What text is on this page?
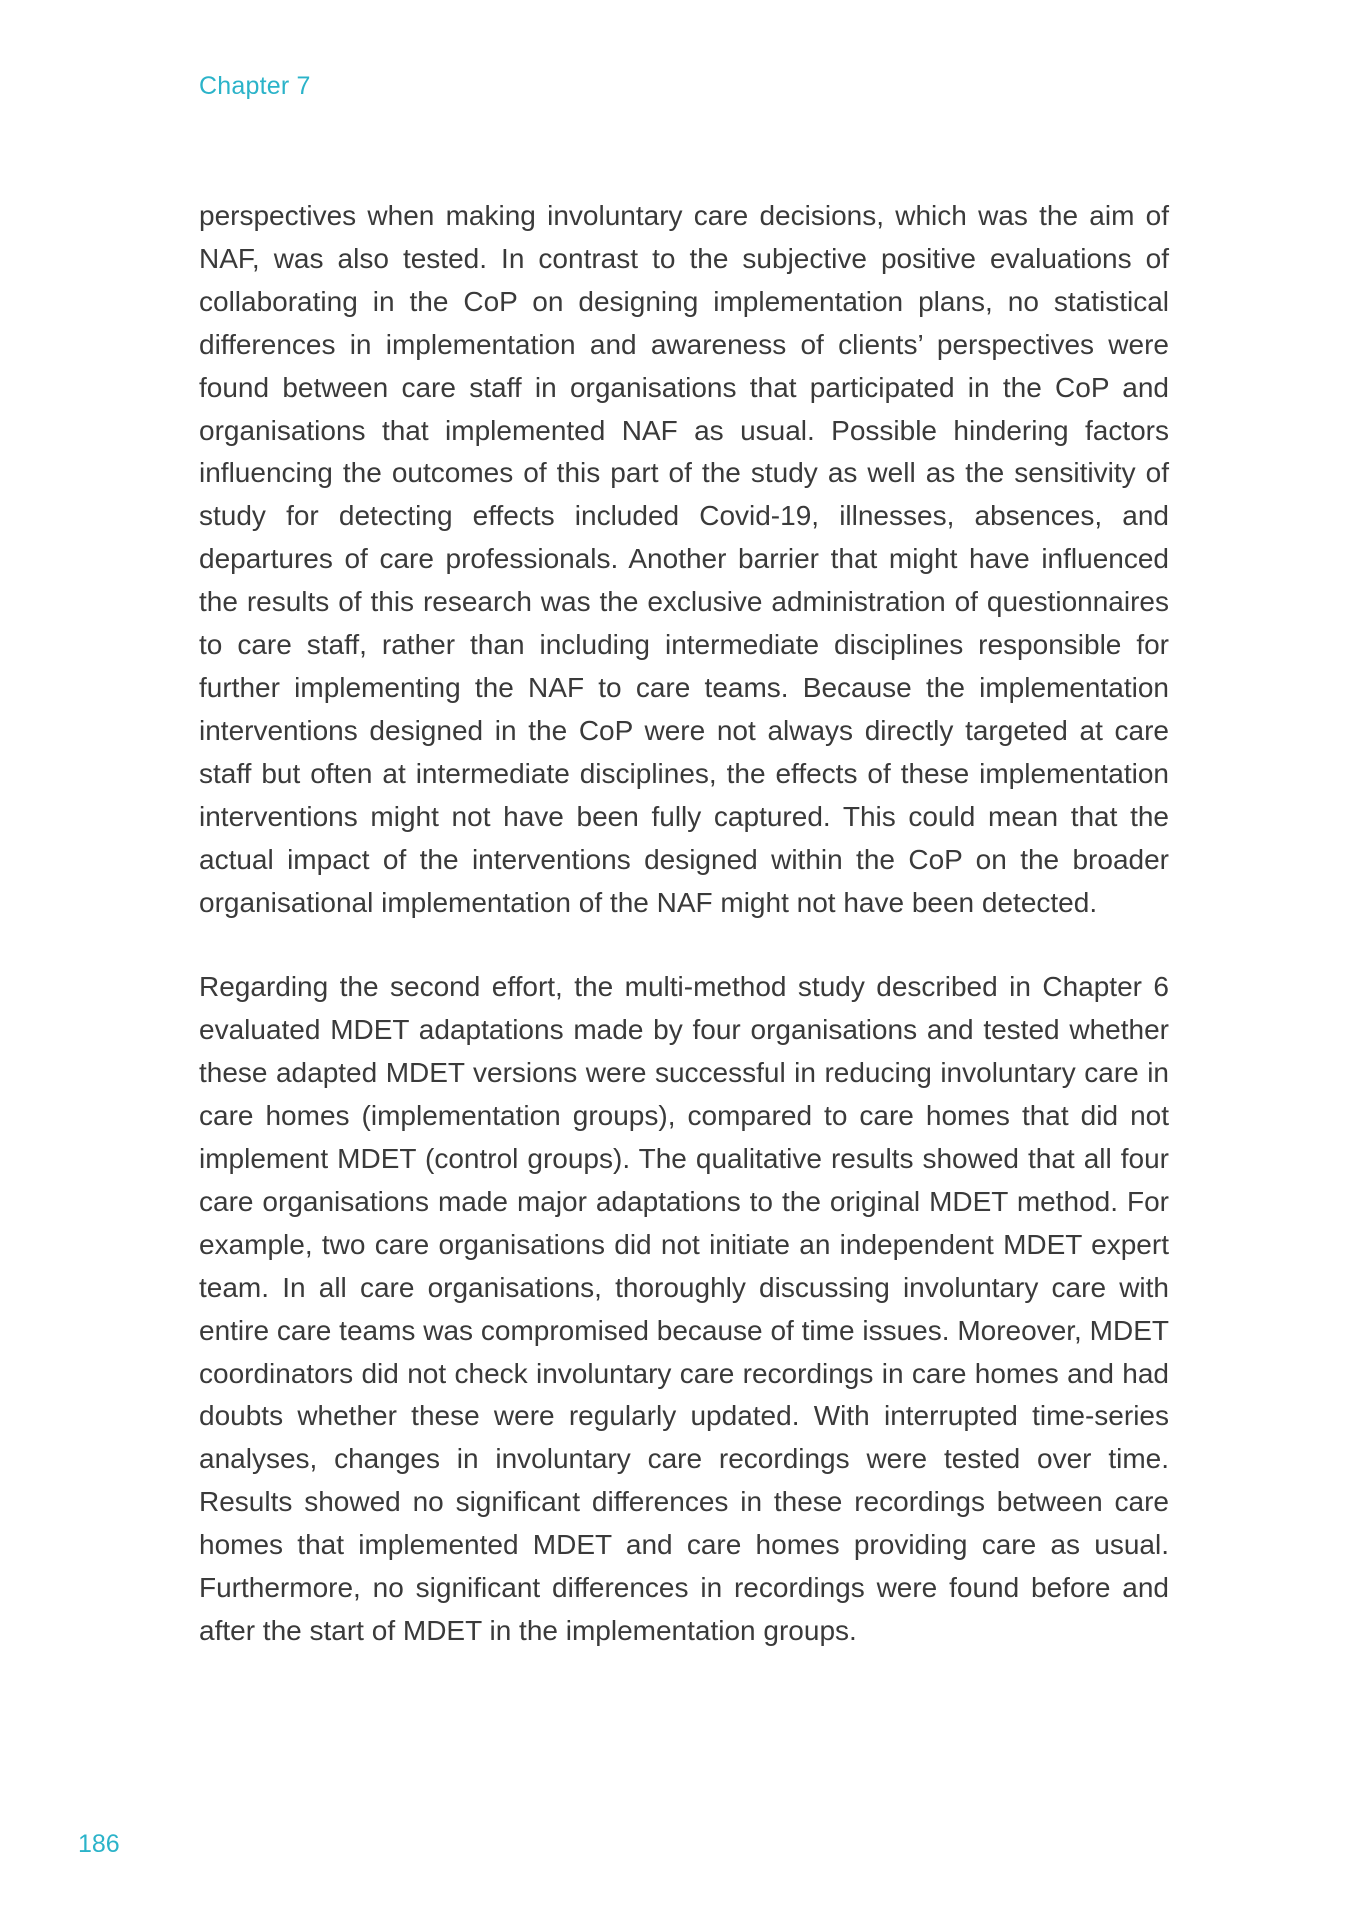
Chapter 7

perspectives when making involuntary care decisions, which was the aim of NAF, was also tested. In contrast to the subjective positive evaluations of collaborating in the CoP on designing implementation plans, no statistical differences in implementation and awareness of clients’ perspectives were found between care staff in organisations that participated in the CoP and organisations that implemented NAF as usual. Possible hindering factors influencing the outcomes of this part of the study as well as the sensitivity of study for detecting effects included Covid-19, illnesses, absences, and departures of care professionals. Another barrier that might have influenced the results of this research was the exclusive administration of questionnaires to care staff, rather than including intermediate disciplines responsible for further implementing the NAF to care teams. Because the implementation interventions designed in the CoP were not always directly targeted at care staff but often at intermediate disciplines, the effects of these implementation interventions might not have been fully captured. This could mean that the actual impact of the interventions designed within the CoP on the broader organisational implementation of the NAF might not have been detected.

Regarding the second effort, the multi-method study described in Chapter 6 evaluated MDET adaptations made by four organisations and tested whether these adapted MDET versions were successful in reducing involuntary care in care homes (implementation groups), compared to care homes that did not implement MDET (control groups). The qualitative results showed that all four care organisations made major adaptations to the original MDET method. For example, two care organisations did not initiate an independent MDET expert team. In all care organisations, thoroughly discussing involuntary care with entire care teams was compromised because of time issues. Moreover, MDET coordinators did not check involuntary care recordings in care homes and had doubts whether these were regularly updated. With interrupted time-series analyses, changes in involuntary care recordings were tested over time. Results showed no significant differences in these recordings between care homes that implemented MDET and care homes providing care as usual. Furthermore, no significant differences in recordings were found before and after the start of MDET in the implementation groups.

186
